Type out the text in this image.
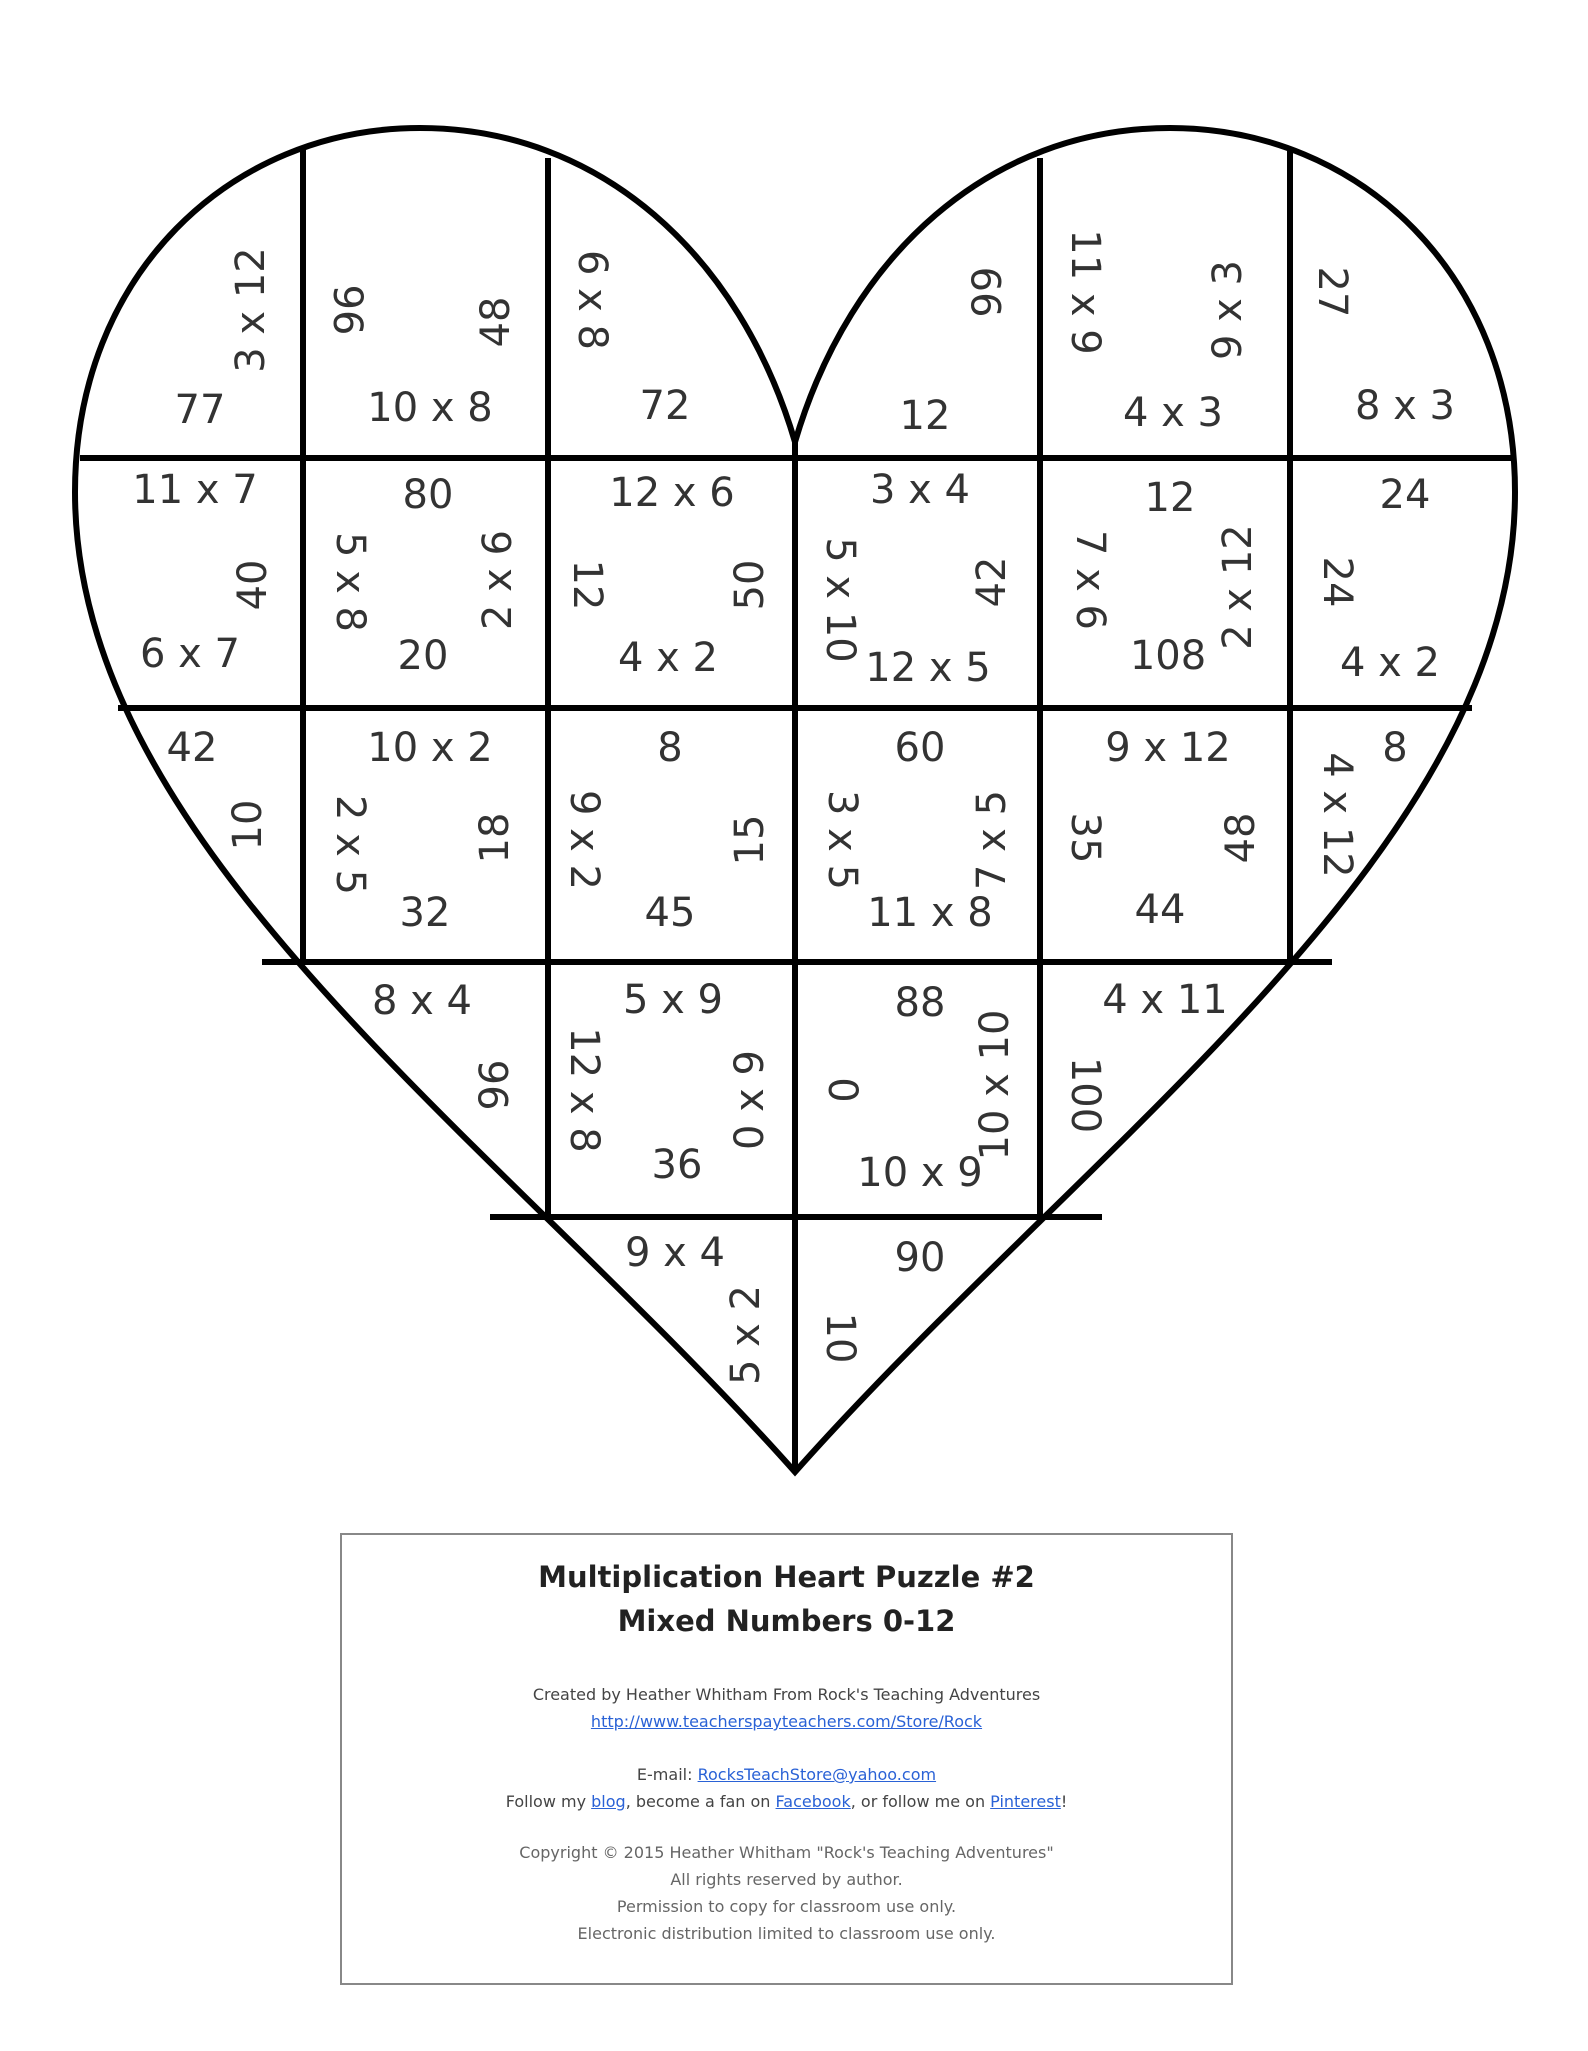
77
3 x 12 96	48
10 x 8
6 x 8
72
99
12
11 x 9 9 x 3
4 x 3
27
8 x 3
11 x 7
40
6 x 7
80
5 x 8	2 x 6
20
12 x 6
12	50
4 x 2
3 x 4
5 x 10	42
12 x 5
12
7 x 6	2 x 12
108
24
24
4 x 2
42
10
10 x 2
2 x 5 18
32
8
9 x 2	15
45
60
3 x 5	7 x 5
11 x 8
9 x 12
35	48
44
8
4 x 12
8 x 4
96
5 x 9
12 x 8	0 x 9
36
88
0	10 x 10
10 x 9
4 x 11
100
9 x 4
5 x 2
90
10
Multiplication Heart Puzzle #2
Mixed Numbers 0-12
Created by Heather Whitham From Rock's Teaching Adventures
http://www.teacherspayteachers.com/Store/Rock
E-mail: RocksTeachStore@yahoo.com
Follow my blog, become a fan on Facebook, or follow me on Pinterest!
Copyright © 2015 Heather Whitham "Rock's Teaching Adventures"
All rights reserved by author.
Permission to copy for classroom use only.
Electronic distribution limited to classroom use only.
